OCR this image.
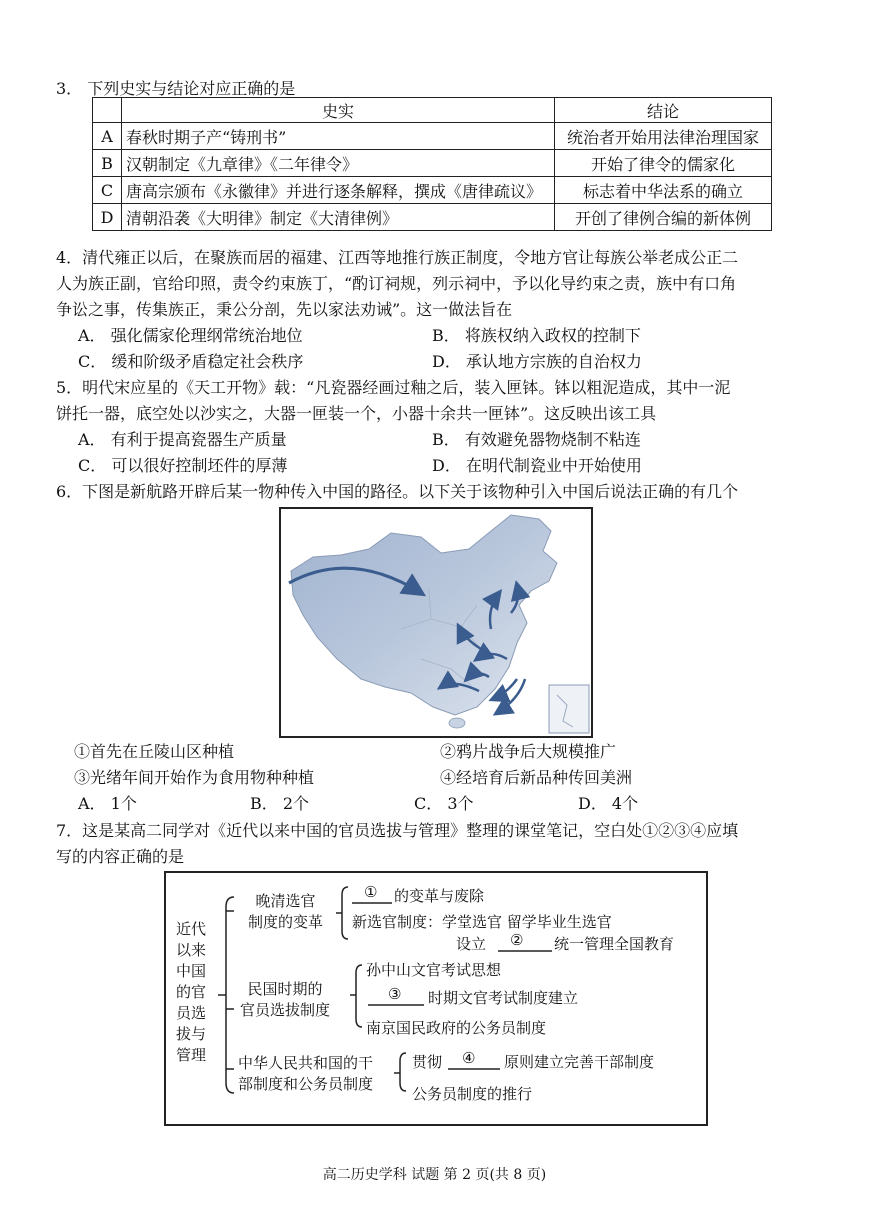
3． 下列史实与结论对应正确的是
	史实	结论
A	春秋时期子产“铸刑书”	统治者开始用法律治理国家
B	汉朝制定《九章律》《二年律令》	开始了律令的儒家化
C	唐高宗颁布《永徽律》并进行逐条解释，撰成《唐律疏议》	标志着中华法系的确立
D	清朝沿袭《大明律》制定《大清律例》	开创了律例合编的新体例
4．清代雍正以后，在聚族而居的福建、江西等地推行族正制度，令地方官让每族公举老成公正二
人为族正副，官给印照，责令约束族丁，“酌订祠规，列示祠中，予以化导约束之责，族中有口角
争讼之事，传集族正，秉公分剖，先以家法劝诫”。这一做法旨在
A． 强化儒家伦理纲常统治地位	B． 将族权纳入政权的控制下
C． 缓和阶级矛盾稳定社会秩序	D． 承认地方宗族的自治权力
5．明代宋应星的《天工开物》载：“凡瓷器经画过釉之后，装入匣钵。钵以粗泥造成，其中一泥
饼托一器，底空处以沙实之，大器一匣装一个，小器十余共一匣钵”。这反映出该工具
A． 有利于提高瓷器生产质量	B． 有效避免器物烧制不粘连
C． 可以很好控制坯件的厚薄	D． 在明代制瓷业中开始使用
6．下图是新航路开辟后某一物种传入中国的路径。以下关于该物种引入中国后说法正确的有几个
①首先在丘陵山区种植	②鸦片战争后大规模推广
③光绪年间开始作为食用物种种植	④经培育后新品种传回美洲
A． 1个	B． 2个	C． 3个	D． 4个
7．这是某高二同学对《近代以来中国的官员选拔与管理》整理的课堂笔记，空白处①②③④应填
写的内容正确的是
近代
以来
中国
的官
员选
拔与
管理
晚清选官
制度的变革
① 的变革与废除
新选官制度：学堂选官 留学毕业生选官
设立 ② 统一管理全国教育
民国时期的
官员选拔制度
孙中山文官考试思想
③ 时期文官考试制度建立
南京国民政府的公务员制度
中华人民共和国的干
部制度和公务员制度
贯彻 ④ 原则建立完善干部制度
公务员制度的推行
高二历史学科 试题 第 2 页(共 8 页)
